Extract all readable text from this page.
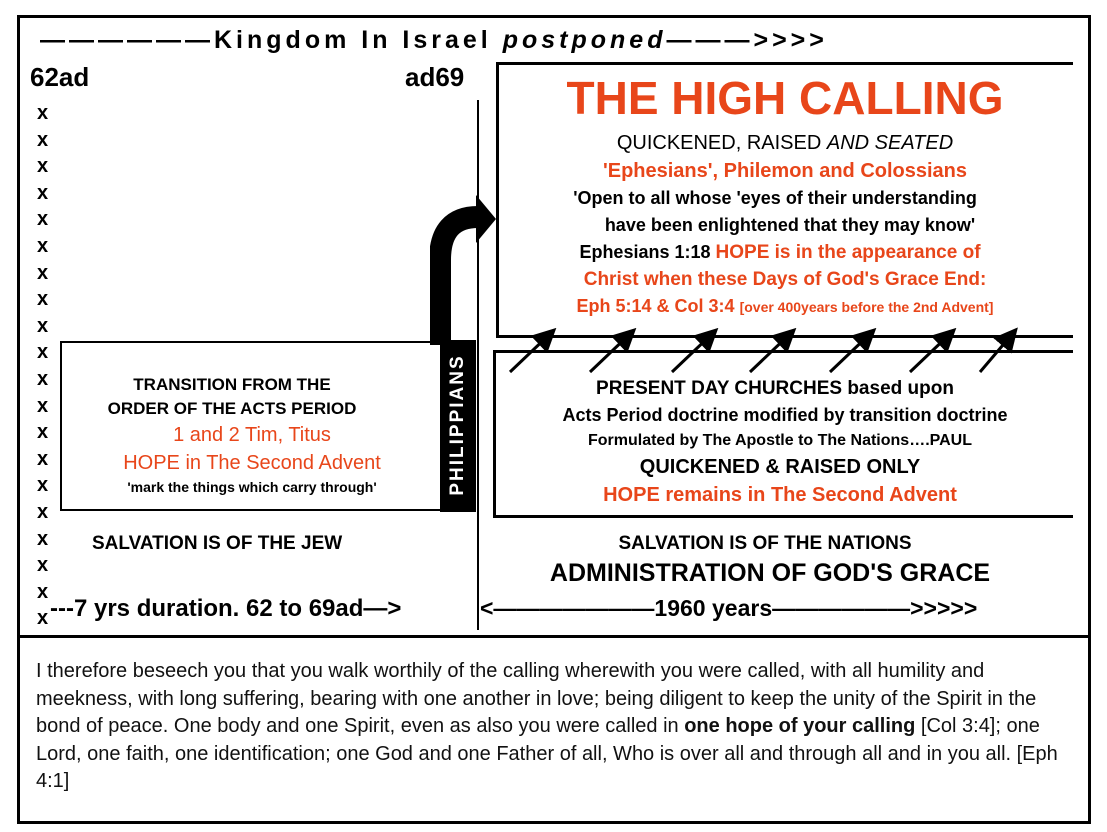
——————Kingdom In Israel postponed———>>>>
62ad	ad69
x
x
x
x
x
x
x
x
x
x
x
x
x
x
x
x
x
x
x
x
TRANSITION FROM THE
ORDER OF THE ACTS PERIOD
1 and 2 Tim, Titus
HOPE in The Second Advent
'mark the things which carry through'	PHILIPPIANS
THE HIGH CALLING
QUICKENED, RAISED AND SEATED
'Ephesians', Philemon and Colossians
'Open to all whose 'eyes of their understanding
have been enlightened that they may know'
Ephesians 1:18 HOPE is in the appearance of
Christ when these Days of God's Grace End:
Eph 5:14 & Col 3:4 [over 400years before the 2nd Advent]
PRESENT DAY CHURCHES based upon
Acts Period doctrine modified by transition doctrine
Formulated by The Apostle to The Nations….PAUL
QUICKENED & RAISED ONLY
HOPE remains in The Second Advent
SALVATION IS OF THE JEW	SALVATION IS OF THE NATIONS
ADMINISTRATION OF GOD'S GRACE
---7 yrs duration. 62 to 69ad—>	<———————1960 years——————>>>>>
I therefore beseech you that you walk worthily of the calling wherewith you were called, with all humility and meekness, with long suffering, bearing with one another in love; being diligent to keep the unity of the Spirit in the bond of peace. One body and one Spirit, even as also you were called in one hope of your calling [Col 3:4]; one Lord, one faith, one identification; one God and one Father of all, Who is over all and through all and in you all. [Eph 4:1]
